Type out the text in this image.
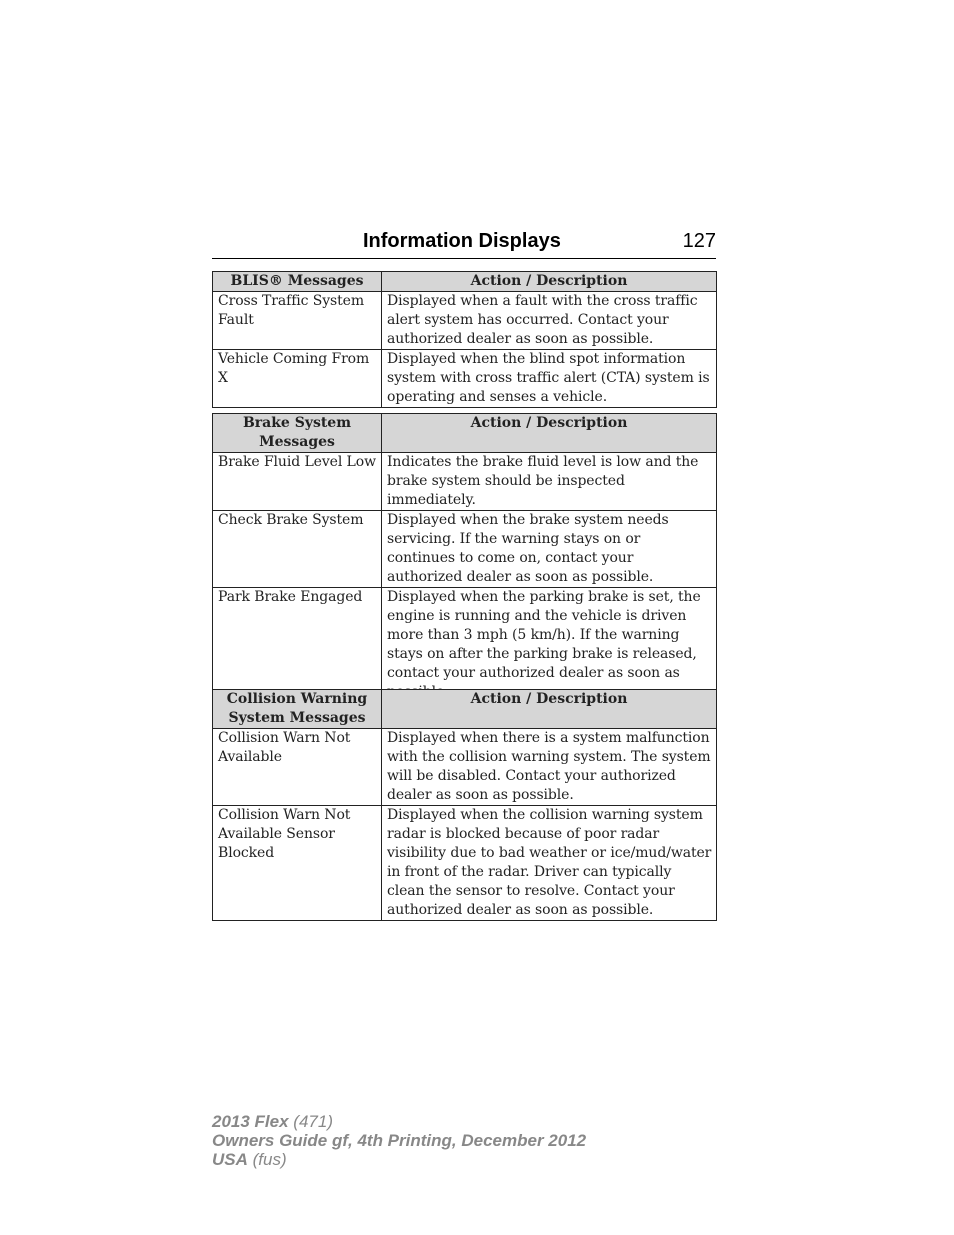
Information Displays	127
BLIS® Messages	Action / Description
Cross Traffic System Fault	Displayed when a fault with the cross traffic alert system has occurred. Contact your authorized dealer as soon as possible.
Vehicle Coming From X	Displayed when the blind spot information system with cross traffic alert (CTA) system is operating and senses a vehicle.
Brake System Messages	Action / Description
Brake Fluid Level Low	Indicates the brake fluid level is low and the brake system should be inspected immediately.
Check Brake System	Displayed when the brake system needs servicing. If the warning stays on or continues to come on, contact your authorized dealer as soon as possible.
Park Brake Engaged	Displayed when the parking brake is set, the engine is running and the vehicle is driven more than 3 mph (5 km/h). If the warning stays on after the parking brake is released, contact your authorized dealer as soon as
Collision Warning System Messages	Action / Description
Collision Warn Not Available	Displayed when there is a system malfunction with the collision warning system. The system will be disabled. Contact your authorized dealer as soon as possible.
Collision Warn Not Available Sensor Blocked	Displayed when the collision warning system radar is blocked because of poor radar visibility due to bad weather or ice/mud/water in front of the radar. Driver can typically clean the sensor to resolve. Contact your authorized dealer as soon as possible.
2013 Flex (471)
Owners Guide gf, 4th Printing, December 2012
USA (fus)
